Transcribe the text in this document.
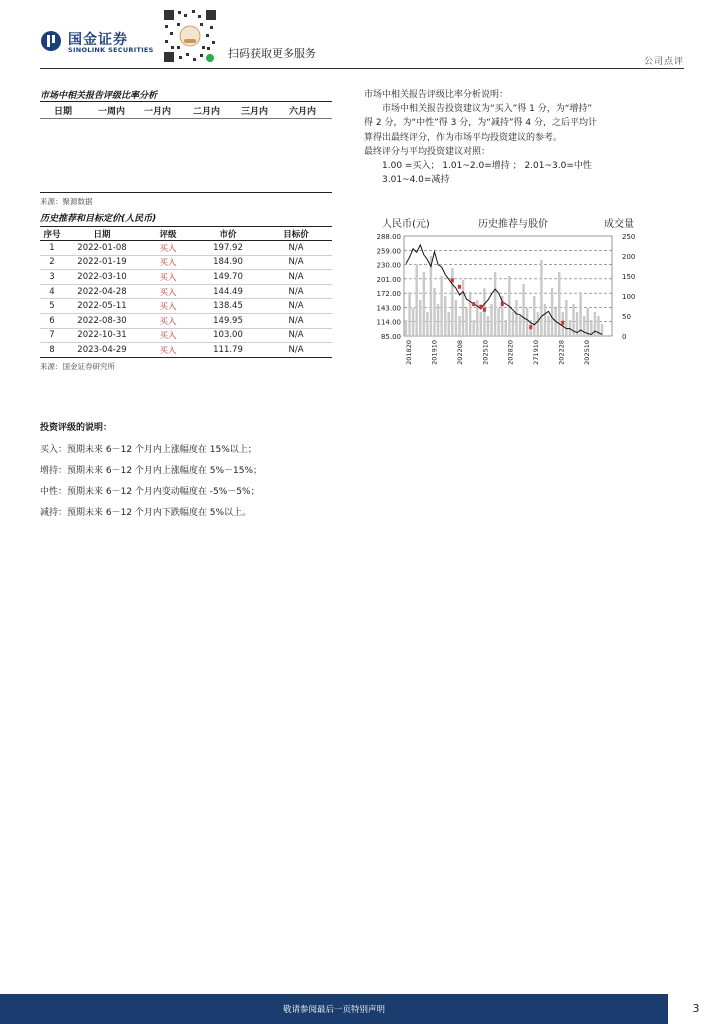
国金证券
SINOLINK SECURITIES	扫码获取更多服务
公司点评
市场中相关报告评级比率分析
日期	一周内 一月内 二月内 三月内 六月内
来源：聚源数据
历史推荐和目标定价(人民币)
序号	日期	评级	市价	目标价
1	2022-01-08	买入	197.92	N/A
2	2022-01-19	买入	184.90	N/A
3	2022-03-10	买入	149.70	N/A
4	2022-04-28	买入	144.49	N/A
5	2022-05-11	买入	138.45	N/A
6	2022-08-30	买入	149.95	N/A
7	2022-10-31	买入	103.00	N/A
8	2023-04-29	买入	111.79	N/A
来源：国金证券研究所

市场中相关报告评级比率分析说明：

　　市场中相关报告投资建议为“买入”得 1 分，为“增持”

得 2 分，为“中性”得 3 分，为“减持”得 4 分，之后平均计

算得出最终评分，作为市场平均投资建议的参考。

最终评分与平均投资建议对照：

　　1.00 =买入； 1.01~2.0=增持 ； 2.01~3.0=中性

　　3.01~4.0=减持

人民币(元)	历史推荐与股价	成交量
288.00
259.00
230.00
201.00
172.00
143.00
114.00
85.00
250
200
150
100
50
0
201820	201910	202208	202510	202820	271910	202228	202510
投资评级的说明：

买入：预期未来 6－12 个月内上涨幅度在 15%以上；

增持：预期未来 6－12 个月内上涨幅度在 5%－15%；

中性：预期未来 6－12 个月内变动幅度在 -5%－5%；

减持：预期未来 6－12 个月内下跌幅度在 5%以上。

敬请参阅最后一页特别声明	3
